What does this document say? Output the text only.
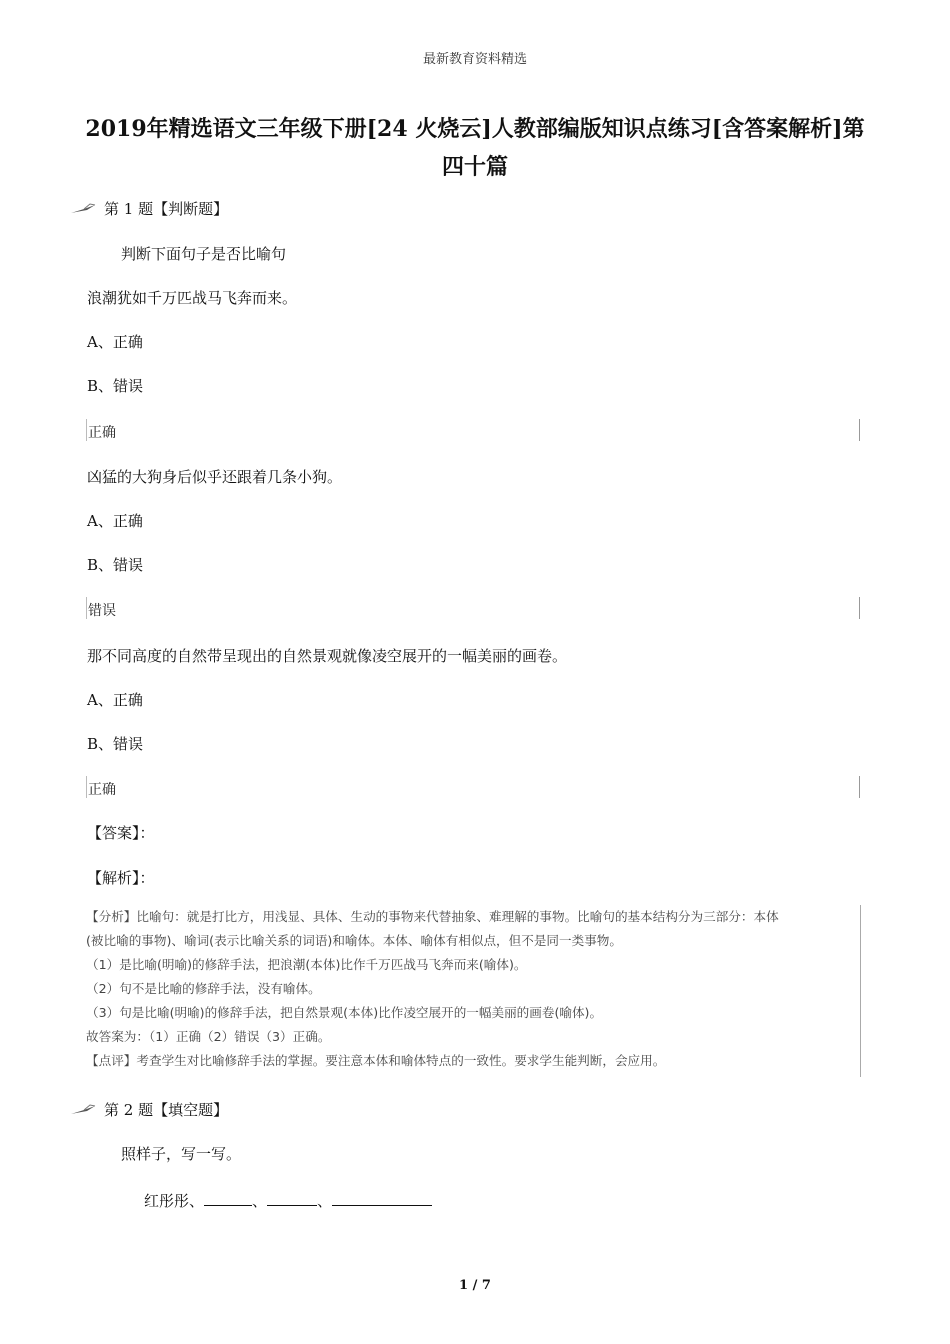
最新教育资料精选
2019年精选语文三年级下册[24 火烧云]人教部编版知识点练习[含答案解析]第
四十篇
第 1 题【判断题】
判断下面句子是否比喻句
浪潮犹如千万匹战马飞奔而来。
A、正确
B、错误
正确
凶猛的大狗身后似乎还跟着几条小狗。
A、正确
B、错误
错误
那不同高度的自然带呈现出的自然景观就像凌空展开的一幅美丽的画卷。
A、正确
B、错误
正确
【答案】：
【解析】：
【分析】比喻句：就是打比方，用浅显、具体、生动的事物来代替抽象、难理解的事物。比喻句的基本结构分为三部分：本体
(被比喻的事物)、喻词(表示比喻关系的词语)和喻体。本体、喻体有相似点，但不是同一类事物。
（1）是比喻(明喻)的修辞手法，把浪潮(本体)比作千万匹战马飞奔而来(喻体)。
（2）句不是比喻的修辞手法，没有喻体。
（3）句是比喻(明喻)的修辞手法，把自然景观(本体)比作凌空展开的一幅美丽的画卷(喻体)。
故答案为：（1）正确（2）错误（3）正确。
【点评】考查学生对比喻修辞手法的掌握。要注意本体和喻体特点的一致性。要求学生能判断，会应用。
第 2 题【填空题】
照样子，写一写。
红彤彤、	、	、
1 / 7
